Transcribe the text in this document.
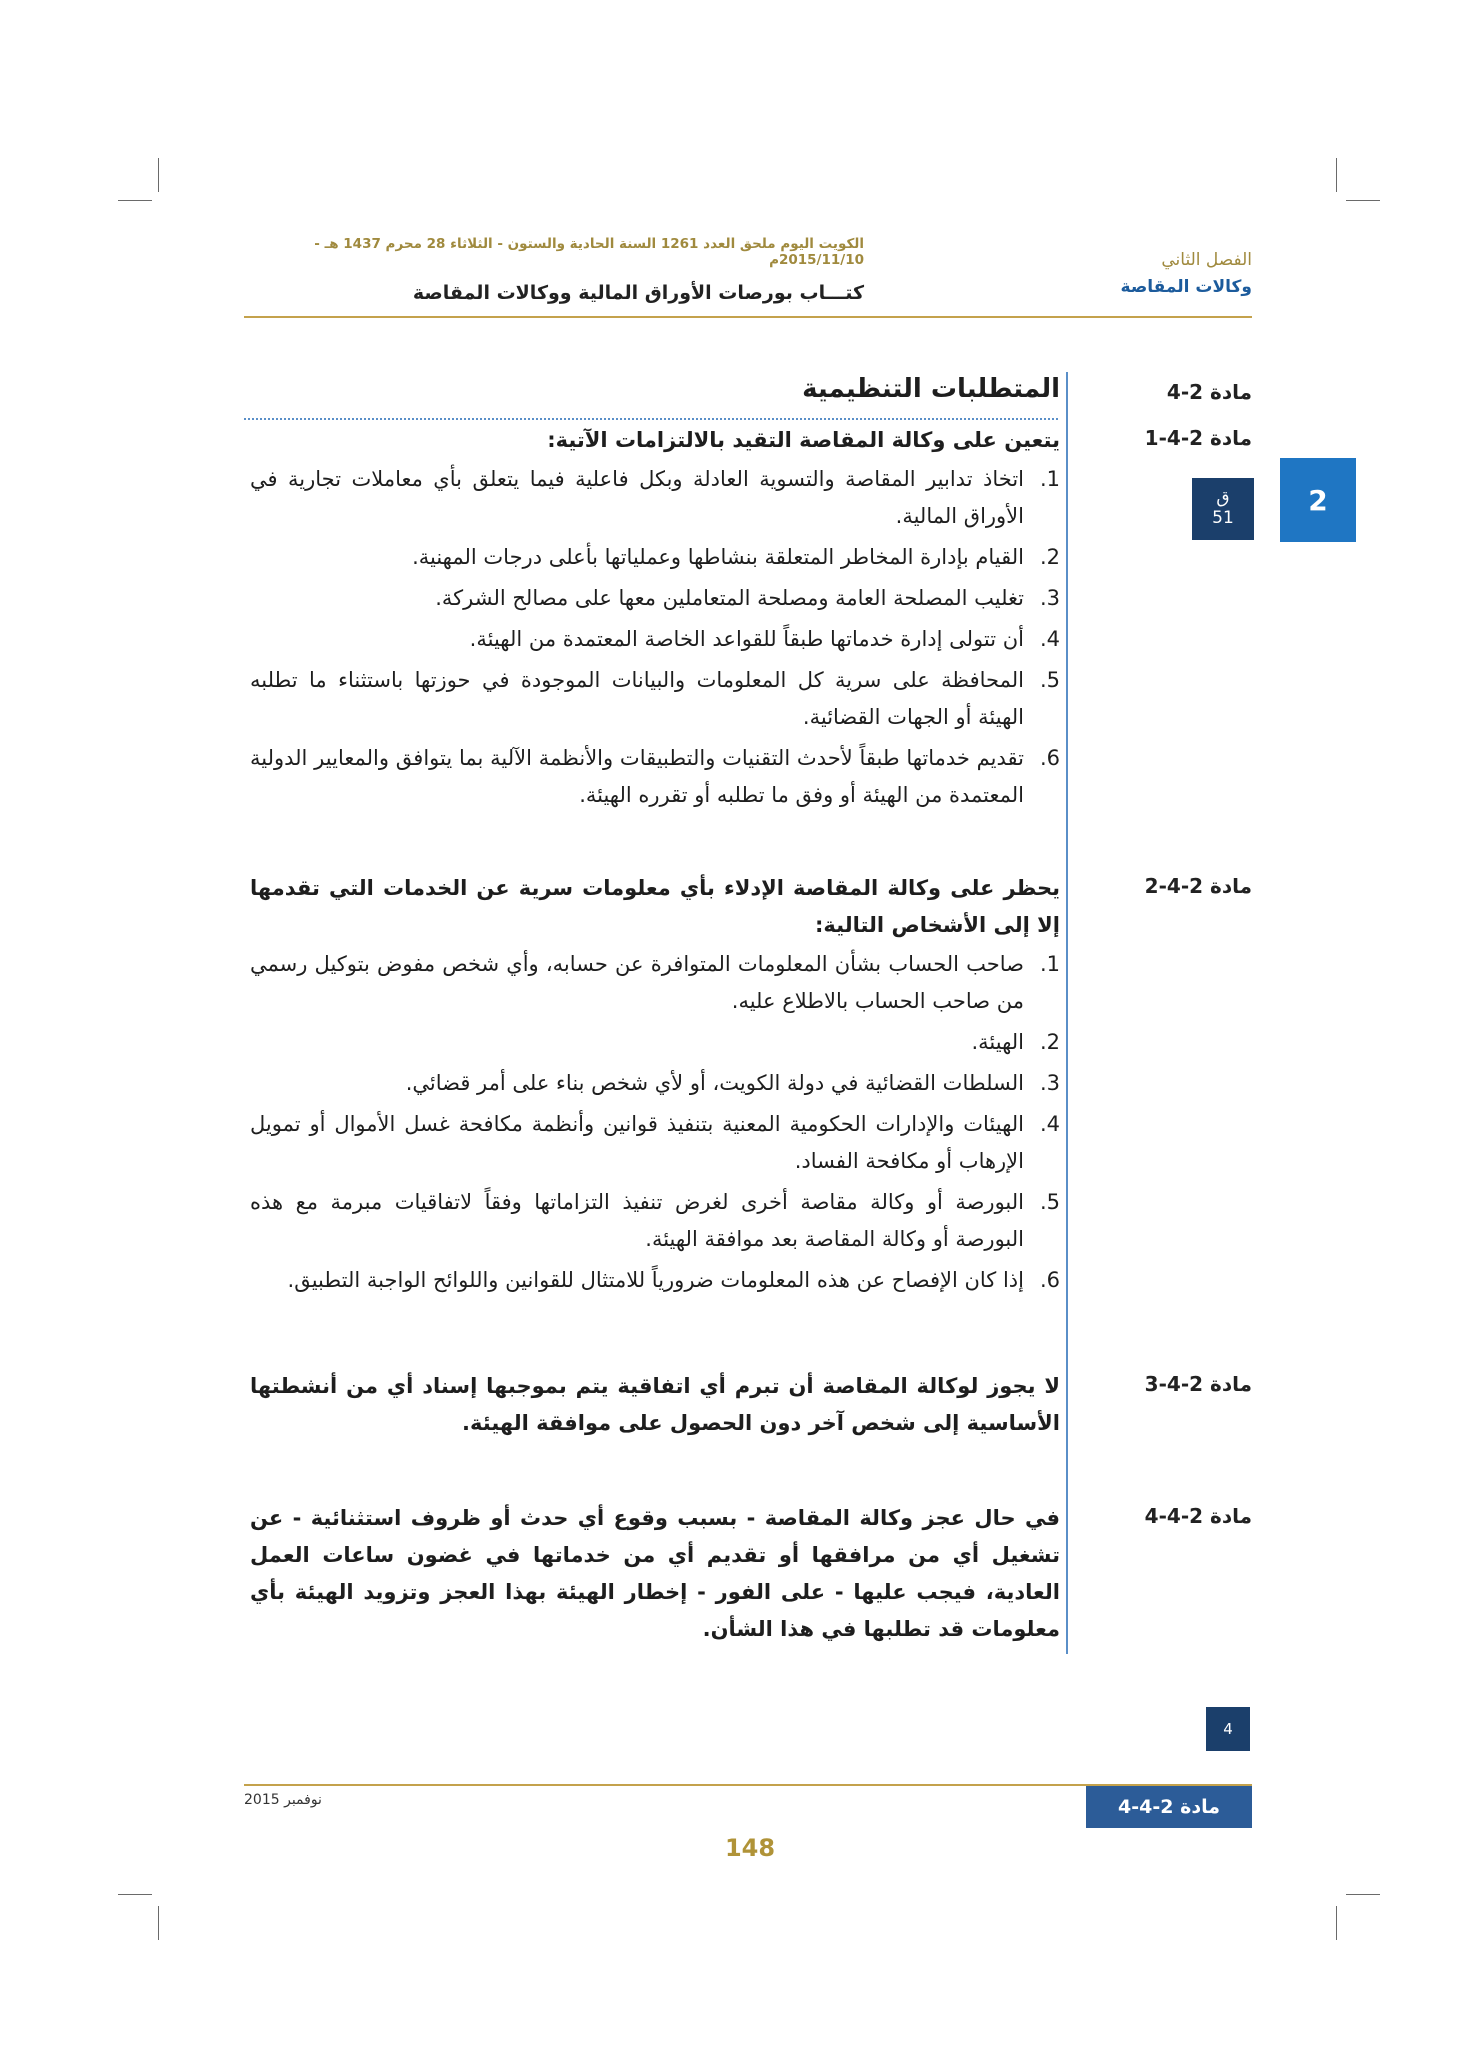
الكويت اليوم ملحق العدد 1261 السنة الحادية والستون - الثلاثاء 28 محرم 1437 هـ - 2015/11/10م
كتـــاب بورصات الأوراق المالية ووكالات المقاصة
الفصل الثاني
وكالات المقاصة
2
ق
51
مادة 2-4
المتطلبات التنظيمية
مادة 2-4-1

يتعين على وكالة المقاصة التقيد بالالتزامات الآتية:

1.
اتخاذ تدابير المقاصة والتسوية العادلة وبكل فاعلية فيما يتعلق بأي معاملات تجارية في الأوراق المالية.
2.
القيام بإدارة المخاطر المتعلقة بنشاطها وعملياتها بأعلى درجات المهنية.
3.
تغليب المصلحة العامة ومصلحة المتعاملين معها على مصالح الشركة.
4.
أن تتولى إدارة خدماتها طبقاً للقواعد الخاصة المعتمدة من الهيئة.
5.
المحافظة على سرية كل المعلومات والبيانات الموجودة في حوزتها باستثناء ما تطلبه الهيئة أو الجهات القضائية.
6.
تقديم خدماتها طبقاً لأحدث التقنيات والتطبيقات والأنظمة الآلية بما يتوافق والمعايير الدولية المعتمدة من الهيئة أو وفق ما تطلبه أو تقرره الهيئة.
مادة 2-4-2

يحظر على وكالة المقاصة الإدلاء بأي معلومات سرية عن الخدمات التي تقدمها إلا إلى الأشخاص التالية:

1.
صاحب الحساب بشأن المعلومات المتوافرة عن حسابه، وأي شخص مفوض بتوكيل رسمي من صاحب الحساب بالاطلاع عليه.
2.
الهيئة.
3.
السلطات القضائية في دولة الكويت، أو لأي شخص بناء على أمر قضائي.
4.
الهيئات والإدارات الحكومية المعنية بتنفيذ قوانين وأنظمة مكافحة غسل الأموال أو تمويل الإرهاب أو مكافحة الفساد.
5.
البورصة أو وكالة مقاصة أخرى لغرض تنفيذ التزاماتها وفقاً لاتفاقيات مبرمة مع هذه البورصة أو وكالة المقاصة بعد موافقة الهيئة.
6.
إذا كان الإفصاح عن هذه المعلومات ضرورياً للامتثال للقوانين واللوائح الواجبة التطبيق.
مادة 2-4-3

لا يجوز لوكالة المقاصة أن تبرم أي اتفاقية يتم بموجبها إسناد أي من أنشطتها الأساسية إلى شخص آخر دون الحصول على موافقة الهيئة.

مادة 2-4-4

في حال عجز وكالة المقاصة - بسبب وقوع أي حدث أو ظروف استثنائية - عن تشغيل أي من مرافقها أو تقديم أي من خدماتها في غضون ساعات العمل العادية، فيجب عليها - على الفور - إخطار الهيئة بهذا العجز وتزويد الهيئة بأي معلومات قد تطلبها في هذا الشأن.

4
مادة 2-4-4
نوفمبر 2015
148
